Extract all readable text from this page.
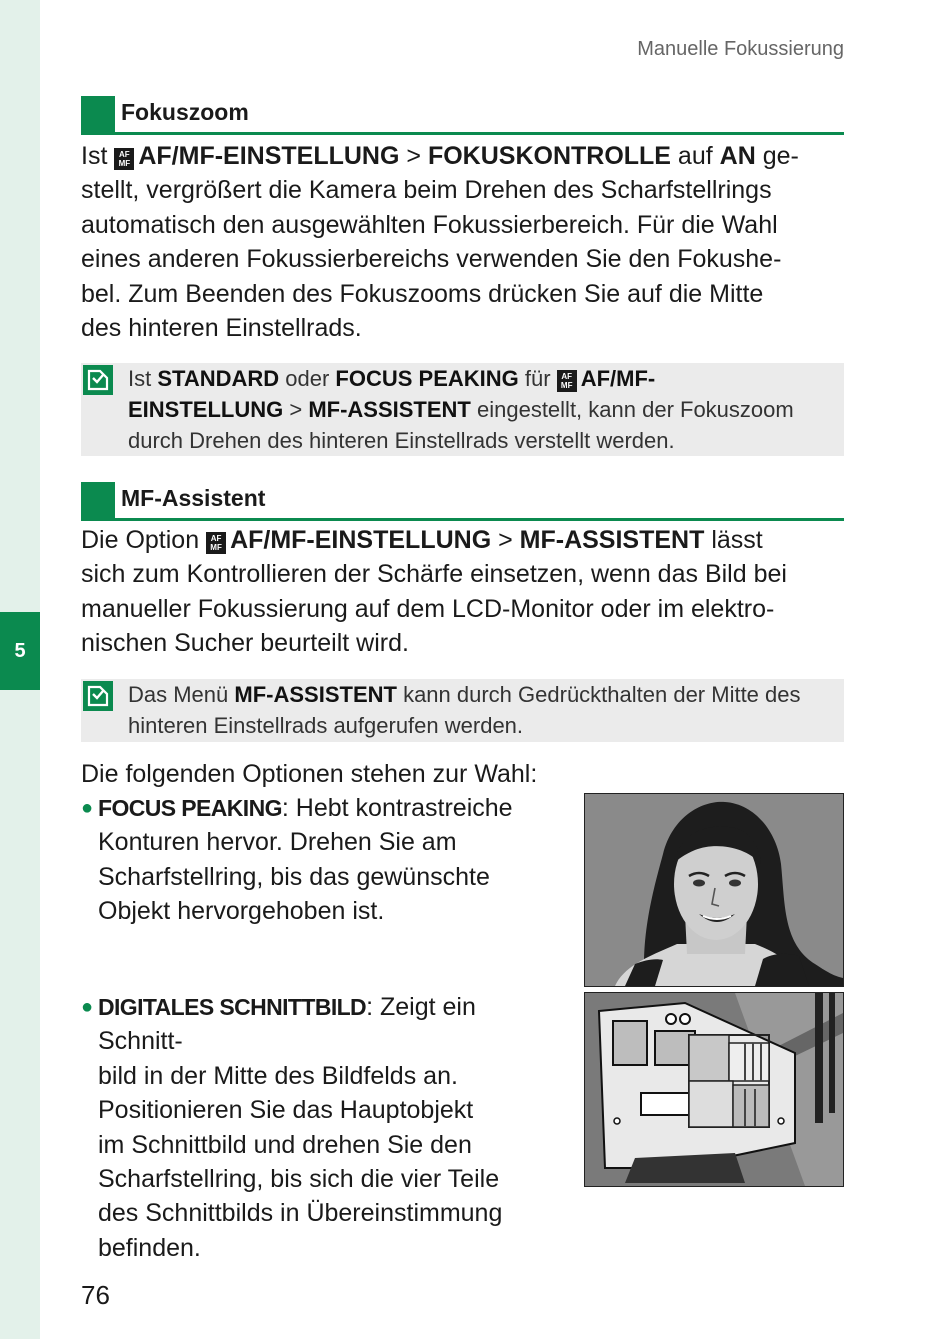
5
Manuelle Fokussierung
Fokuszoom

Ist AF
MF AF/MF-EINSTELLUNG > FOKUSKONTROLLE auf AN ge-
stellt, vergrößert die Kamera beim Drehen des Scharfstellrings
automatisch den ausgewählten Fokussierbereich. Für die Wahl
eines anderen Fokussierbereichs verwenden Sie den Fokushe-
bel. Zum Beenden des Fokuszooms drücken Sie auf die Mitte
des hinteren Einstellrads.

Ist STANDARD oder FOCUS PEAKING für AF
MF AF/MF-
EINSTELLUNG > MF-ASSISTENT eingestellt, kann der Fokuszoom
durch Drehen des hinteren Einstellrads verstellt werden.

MF-Assistent

Die Option AF
MF AF/MF-EINSTELLUNG > MF-ASSISTENT lässt
sich zum Kontrollieren der Schärfe einsetzen, wenn das Bild bei
manueller Fokussierung auf dem LCD-Monitor oder im elektro-
nischen Sucher beurteilt wird.

Das Menü MF-ASSISTENT kann durch Gedrückthalten der Mitte des
hinteren Einstellrads aufgerufen werden.

Die folgenden Optionen stehen zur Wahl:

● FOCUS PEAKING: Hebt kontrastreiche
Konturen hervor. Drehen Sie am
Scharfstellring, bis das gewünschte
Objekt hervorgehoben ist.
● DIGITALES SCHNITTBILD: Zeigt ein Schnitt-
bild in der Mitte des Bildfelds an.
Positionieren Sie das Hauptobjekt
im Schnittbild und drehen Sie den
Scharfstellring, bis sich die vier Teile
des Schnittbilds in Übereinstimmung
befinden.
76
